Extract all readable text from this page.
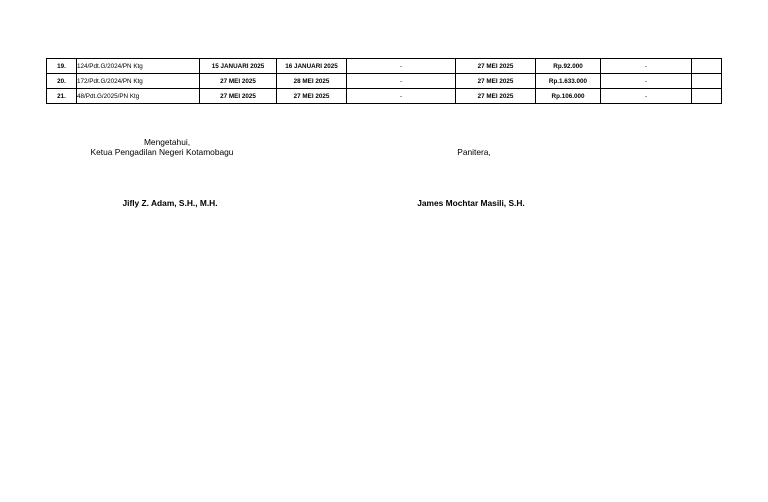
19.	124/Pdt.G/2024/PN Ktg	15 JANUARI 2025	16 JANUARI 2025	-	27 MEI 2025	Rp.92.000	-	
20.	172/Pdt.G/2024/PN Ktg	27 MEI 2025	28 MEI 2025	-	27 MEI 2025	Rp.1.633.000	-	
21.	48/Pdt.G/2025/PN Ktg	27 MEI 2025	27 MEI 2025	-	27 MEI 2025	Rp.106.000	-	
Mengetahui,
Ketua Pengadilan Negeri Kotamobagu	Panitera,
Jifly Z. Adam, S.H., M.H.	James Mochtar Masili, S.H.
